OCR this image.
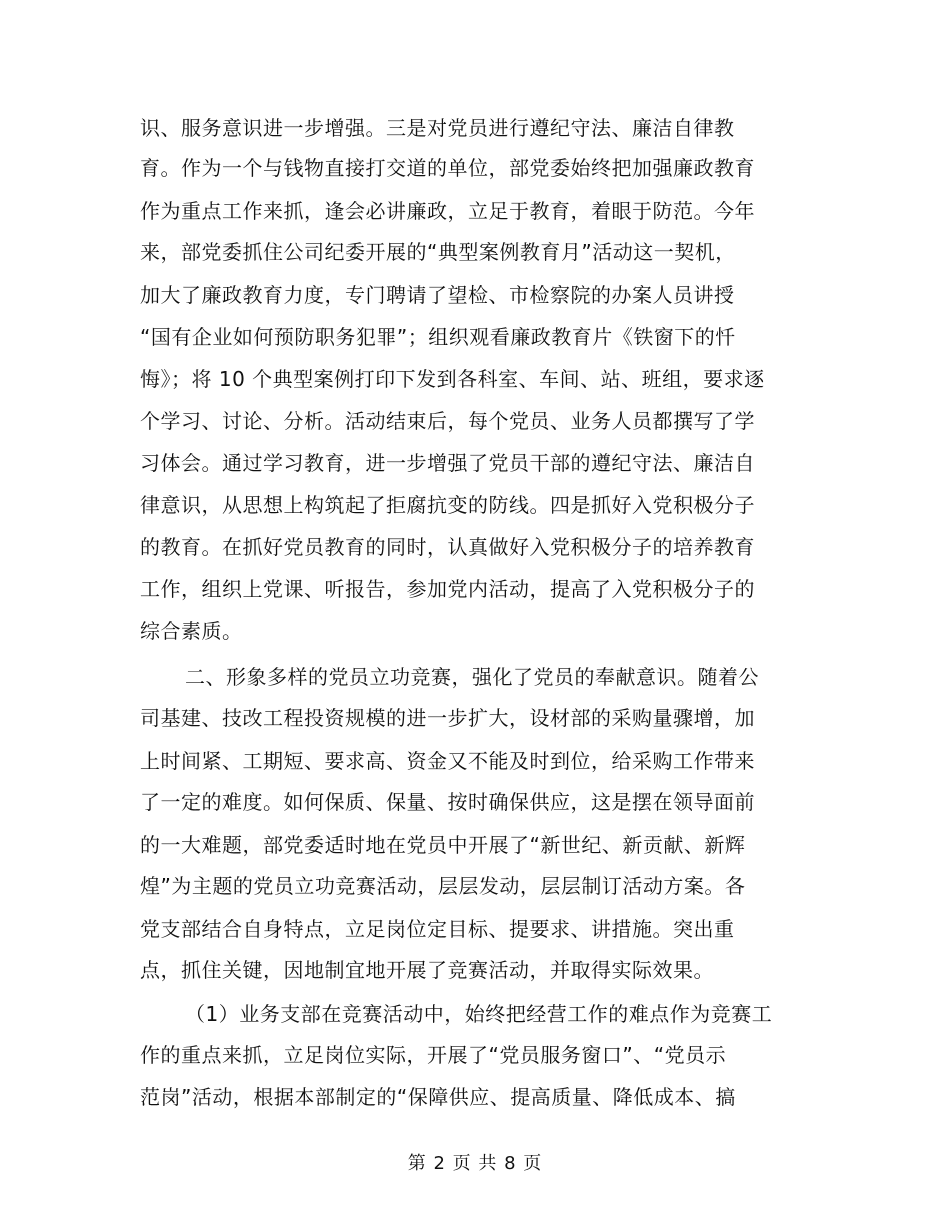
识、服务意识进一步增强。三是对党员进行遵纪守法、廉洁自律教
育。作为一个与钱物直接打交道的单位，部党委始终把加强廉政教育
作为重点工作来抓，逢会必讲廉政，立足于教育，着眼于防范。今年
来，部党委抓住公司纪委开展的“典型案例教育月”活动这一契机，
加大了廉政教育力度，专门聘请了望检、市检察院的办案人员讲授
“国有企业如何预防职务犯罪”；组织观看廉政教育片《铁窗下的忏
悔》；将 10 个典型案例打印下发到各科室、车间、站、班组，要求逐
个学习、讨论、分析。活动结束后，每个党员、业务人员都撰写了学
习体会。通过学习教育，进一步增强了党员干部的遵纪守法、廉洁自
律意识，从思想上构筑起了拒腐抗变的防线。四是抓好入党积极分子
的教育。在抓好党员教育的同时，认真做好入党积极分子的培养教育
工作，组织上党课、听报告，参加党内活动，提高了入党积极分子的
综合素质。
二、形象多样的党员立功竞赛，强化了党员的奉献意识。随着公
司基建、技改工程投资规模的进一步扩大，设材部的采购量骤增，加
上时间紧、工期短、要求高、资金又不能及时到位，给采购工作带来
了一定的难度。如何保质、保量、按时确保供应，这是摆在领导面前
的一大难题，部党委适时地在党员中开展了“新世纪、新贡献、新辉
煌”为主题的党员立功竞赛活动，层层发动，层层制订活动方案。各
党支部结合自身特点，立足岗位定目标、提要求、讲措施。突出重
点，抓住关键，因地制宜地开展了竞赛活动，并取得实际效果。
（1）业务支部在竞赛活动中，始终把经营工作的难点作为竞赛工
作的重点来抓，立足岗位实际，开展了“党员服务窗口”、“党员示
范岗”活动，根据本部制定的“保障供应、提高质量、降低成本、搞
第 2 页 共 8 页
